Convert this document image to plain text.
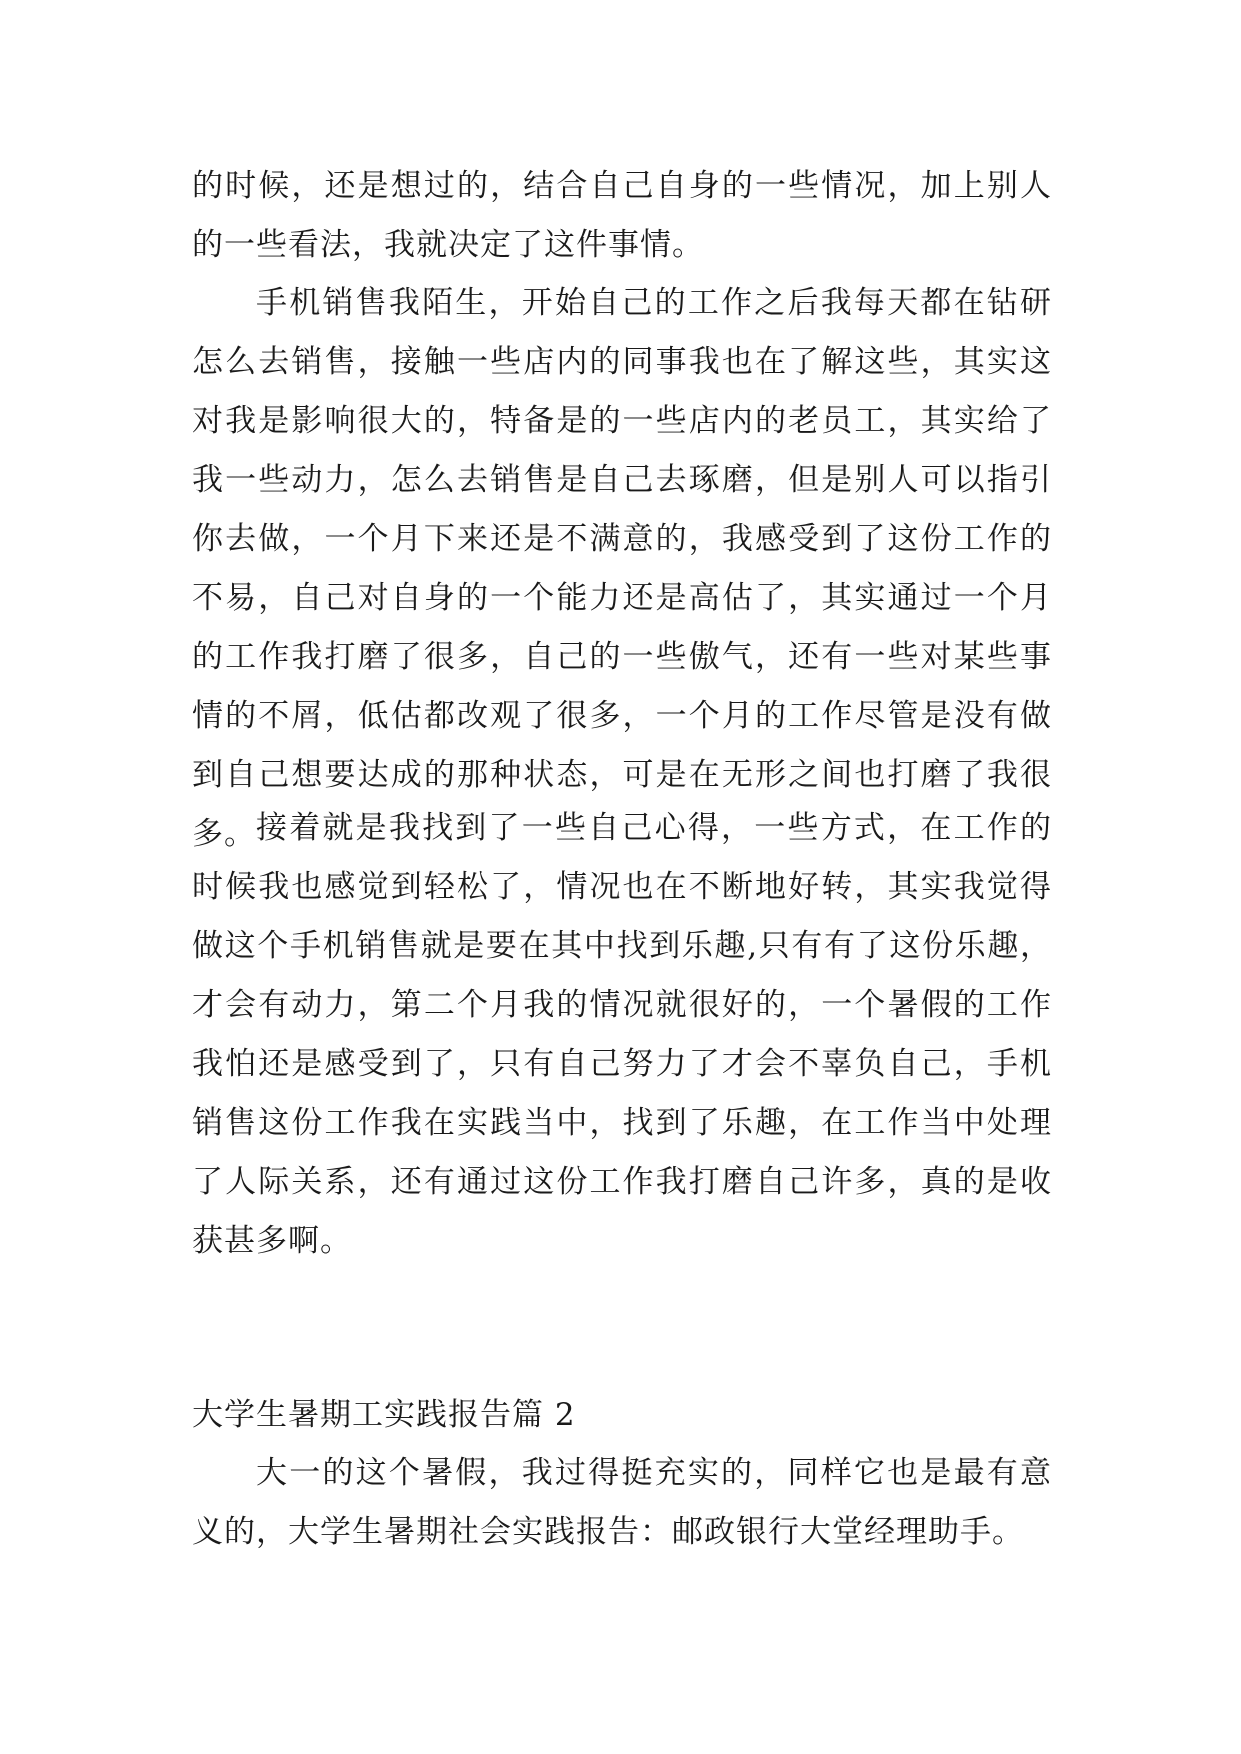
的时候，还是想过的，结合自己自身的一些情况，加上别人的一些看法，我就决定了这件事情。

手机销售我陌生，开始自己的工作之后我每天都在钻研怎么去销售，接触一些店内的同事我也在了解这些，其实这对我是影响很大的，特备是的一些店内的老员工，其实给了我一些动力，怎么去销售是自己去琢磨，但是别人可以指引你去做，一个月下来还是不满意的，我感受到了这份工作的不易，自己对自身的一个能力还是高估了，其实通过一个月的工作我打磨了很多，自己的一些傲气，还有一些对某些事情的不屑，低估都改观了很多，一个月的工作尽管是没有做到自己想要达成的那种状态，可是在无形之间也打磨了我很多。 接着就是我找到了一些自己心得，一些方式，在工作的时候我也感觉到轻松了，情况也在不断地好转，其实我觉得做这个手机销售就是要在其中找到乐趣,只有有了这份乐趣，才会有动力，第二个月我的情况就很好的，一个暑假的工作我怕还是感受到了，只有自己努力了才会不辜负自己，手机销售这份工作我在实践当中，找到了乐趣，在工作当中处理了人际关系，还有通过这份工作我打磨自己许多，真的是收获甚多啊。

大学生暑期工实践报告篇 2

大一的这个暑假，我过得挺充实的，同样它也是最有意义的，大学生暑期社会实践报告：邮政银行大堂经理助手。
